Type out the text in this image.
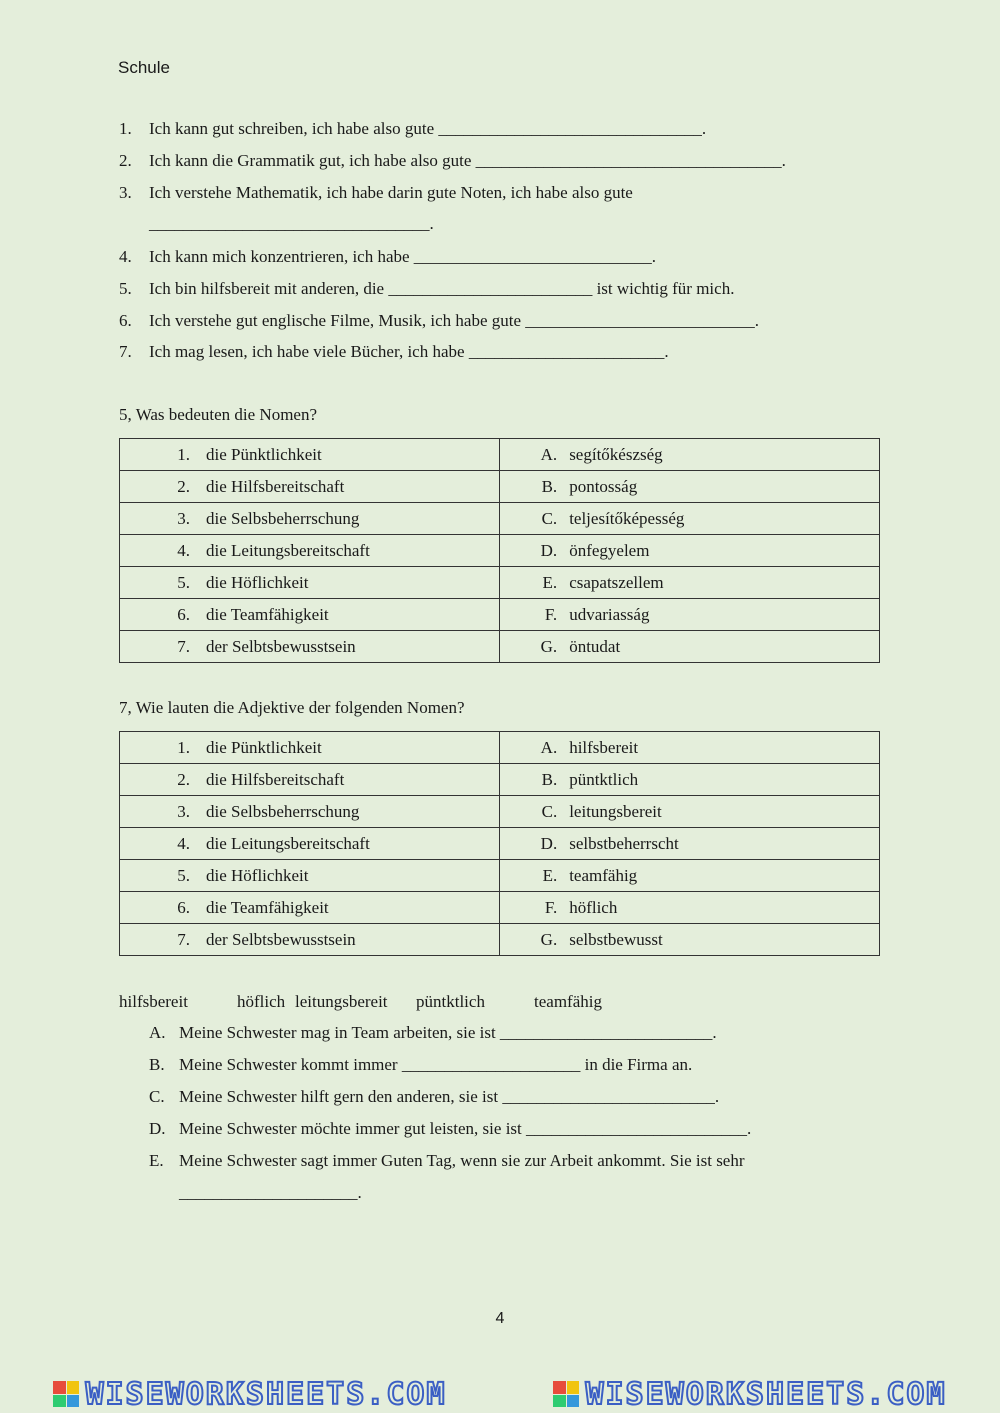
Schule
1. Ich kann gut schreiben, ich habe also gute _______________________________.
2. Ich kann die Grammatik gut, ich habe also gute ____________________________________.
3. Ich verstehe Mathematik, ich habe darin gute Noten, ich habe also gute
_________________________________.
4. Ich kann mich konzentrieren, ich habe ____________________________.
5. Ich bin hilfsbereit mit anderen, die ________________________ ist wichtig für mich.
6. Ich verstehe gut englische Filme, Musik, ich habe gute ___________________________.
7. Ich mag lesen, ich habe viele Bücher, ich habe _______________________.
5, Was bedeuten die Nomen?
1. die Pünktlichkeit	A. segítőkészség
2. die Hilfsbereitschaft	B. pontosság
3. die Selbsbeherrschung	C. teljesítőképesség
4. die Leitungsbereitschaft	D. önfegyelem
5. die Höflichkeit	E. csapatszellem
6. die Teamfähigkeit	F. udvariasság
7. der Selbtsbewusstsein	G. öntudat
7, Wie lauten die Adjektive der folgenden Nomen?
1. die Pünktlichkeit	A. hilfsbereit
2. die Hilfsbereitschaft	B. püntktlich
3. die Selbsbeherrschung	C. leitungsbereit
4. die Leitungsbereitschaft	D. selbstbeherrscht
5. die Höflichkeit	E. teamfähig
6. die Teamfähigkeit	F. höflich
7. der Selbtsbewusstsein	G. selbstbewusst
hilfsbereit	höflich leitungsbereit püntktlich	teamfähig
A. Meine Schwester mag in Team arbeiten, sie ist _________________________.
B. Meine Schwester kommt immer _____________________ in die Firma an.
C. Meine Schwester hilft gern den anderen, sie ist _________________________.
D. Meine Schwester möchte immer gut leisten, sie ist __________________________.
E. Meine Schwester sagt immer Guten Tag, wenn sie zur Arbeit ankommt. Sie ist sehr
_____________________.
4
WISEWORKSHEETS.COM	WISEWORKSHEETS.COM
